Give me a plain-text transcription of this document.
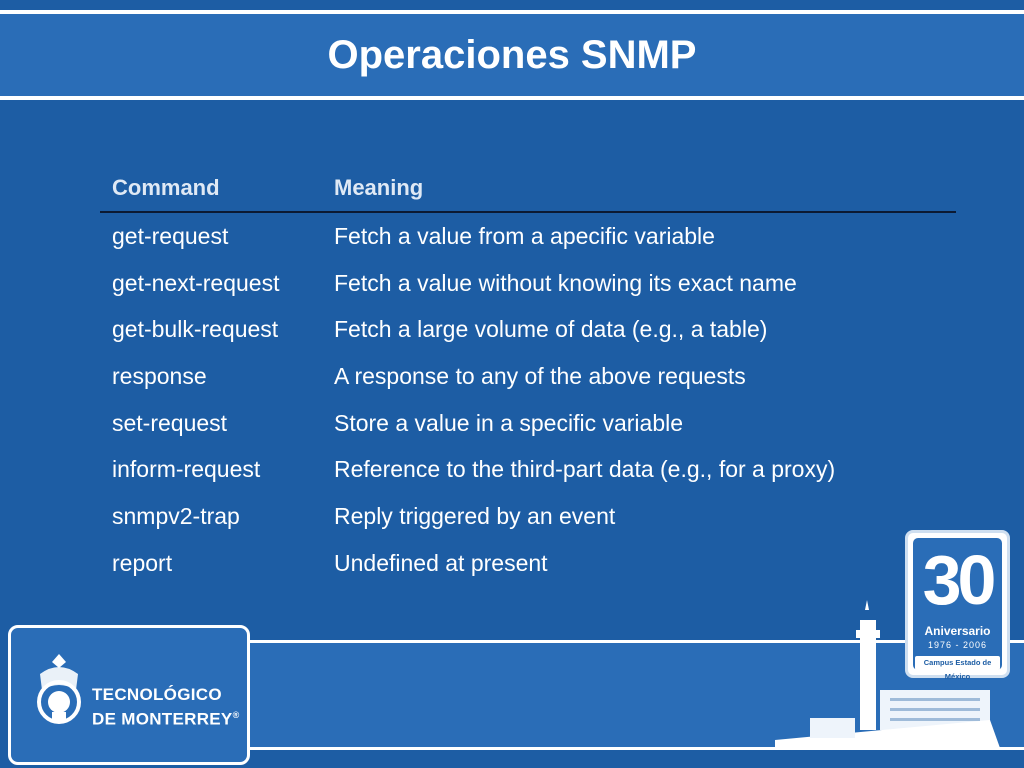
Operaciones SNMP
Command	Meaning
get-request	Fetch a value from a apecific variable
get-next-request	Fetch a value without knowing its exact name
get-bulk-request	Fetch a large volume of data (e.g., a table)
response	A response to any of the above requests
set-request	Store a value in a specific variable
inform-request	Reference to the third-part data (e.g., for a proxy)
snmpv2-trap	Reply triggered by an event
report	Undefined at present
TECNOLÓGICO
DE MONTERREY®
30
Aniversario
1976 - 2006
Campus Estado de México
